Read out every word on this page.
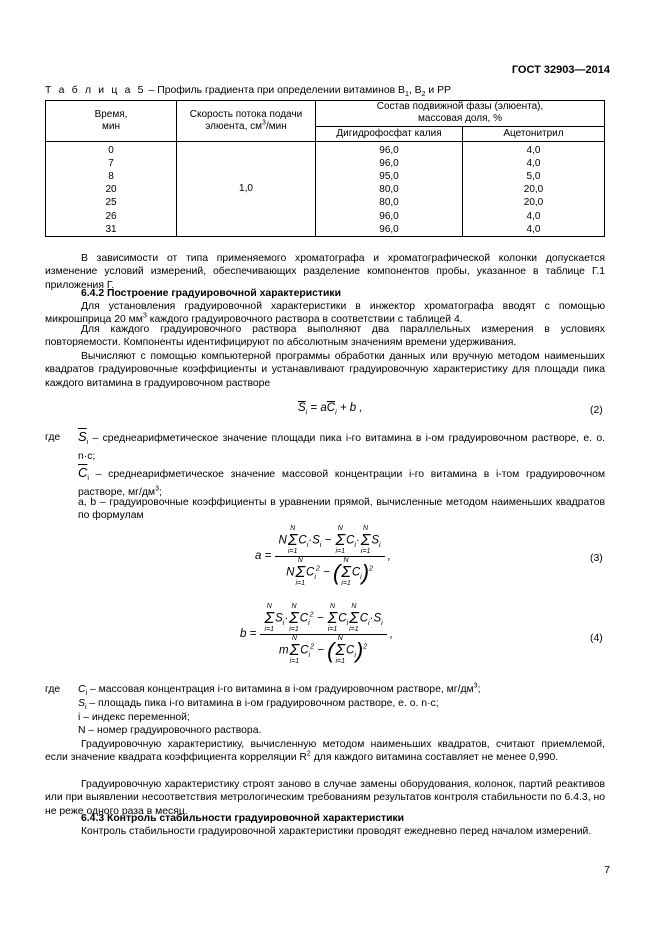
ГОСТ 32903—2014
Т а б л и ц а 5 – Профиль градиента при определении витаминов $B_1$, $B_2$ и PP
Время,
мин	Скорость потока подачи элюента, $см^3$/мин	Состав подвижной фазы (элюента),
массовая доля, %	
		Дигидрофосфат калия	Ацетонитрил
0	1,0	96,0	4,0
7		96,0	4,0
8		95,0	5,0
20		80,0	20,0
25		80,0	20,0
26		96,0	4,0
31		96,0	4,0
В зависимости от типа применяемого хроматографа и хроматографической колонки допускается изменение условий измерений, обеспечивающих разделение компонентов пробы, указанное в таблице Г.1 приложения Г.
6.4.2 Построение градуировочной характеристики
Для установления градуировочной характеристики в инжектор хроматографа вводят с помощью микрошприца 20 $мм^3$ каждого градуировочного раствора в соответствии с таблицей 4.
Для каждого градуировочного раствора выполняют два параллельных измерения в условиях повторяемости. Компоненты идентифицируют по абсолютным значениям времени удерживания.
Вычисляют с помощью компьютерной программы обработки данных или вручную методом наименьших квадратов градуировочные коэффициенты и устанавливают градуировочную характеристику для площади пика каждого витамина в градуировочном растворе
$\overline{S}_i = a\overline{C}_i + b$ ,	(2)
где	$\overline{S}_i$ – среднеарифметическое значение площади пика i-го витамина в i-ом градуировочном растворе, е. о. n·c;
$\overline{C}_i$ – среднеарифметическое значение массовой концентрации i-го витамина в i-том градуировочном растворе, $мг/дм^3$;
a, b – градуировочные коэффициенты в уравнении прямой, вычисленные методом наименьших квадратов по формулам
a = NN
Σ
$i=1C_i\cdot S_i - N$
Σ
$i=1C_i\cdot N$
Σ
$i=1S_i$
NN
Σ
$i=1C_i^2$ − ( N
Σ
$i=1C_i)^2$ ,	(3)
b = N
Σ
$i=1S_i\cdot N$
Σ
$i=1C_i^2 - N$
Σ
$i=1C_iN$
Σ
$i=1C_i\cdot S_i$
mN
Σ
$i=1C_i^2$ − ( N
Σ
$i=1C_i)^2$ ,	(4)
где $C_i$ – массовая концентрация i-го витамина в i-ом градуировочном растворе, $мг/дм^3$;
$S_i$ – площадь пика i-го витамина в i-ом градуировочном растворе, е. о. n·c;
i – индекс переменной;
N – номер градуировочного раствора.
Градуировочную характеристику, вычисленную методом наименьших квадратов, считают приемлемой, если значение квадрата коэффициента корреляции $R^2$ для каждого витамина составляет не менее 0,990.
Градуировочную характеристику строят заново в случае замены оборудования, колонок, партий реактивов или при выявлении несоответствия метрологическим требованиям результатов контроля стабильности по 6.4.3, но не реже одного раза в месяц.
6.4.3 Контроль стабильности градуировочной характеристики
Контроль стабильности градуировочной характеристики проводят ежедневно перед началом измерений.
7
